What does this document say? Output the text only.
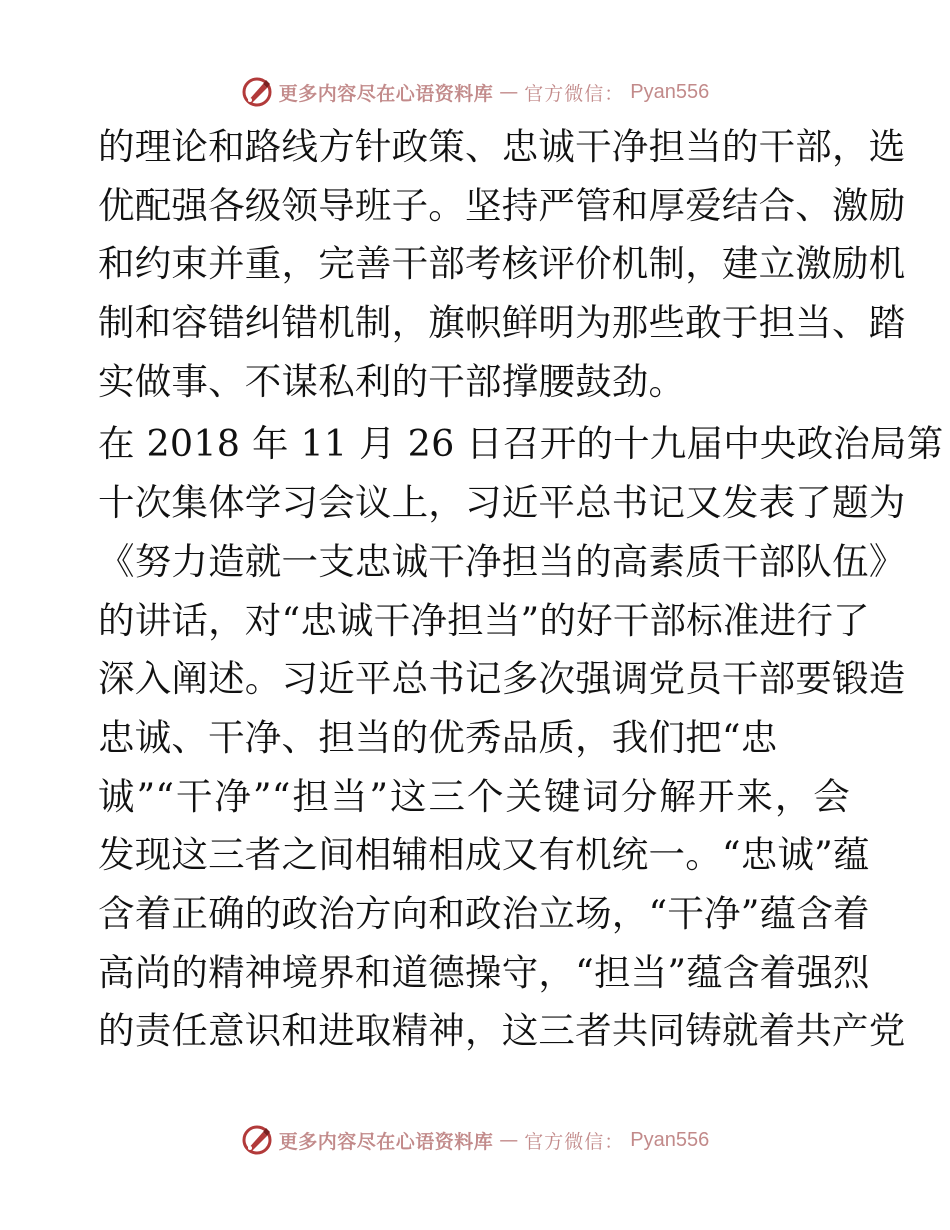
更多内容尽在心语资料库 — 官方微信： Pyan556
的理论和路线方针政策、忠诚干净担当的干部，选
优配强各级领导班子。坚持严管和厚爱结合、激励
和约束并重，完善干部考核评价机制，建立激励机
制和容错纠错机制，旗帜鲜明为那些敢于担当、踏
实做事、不谋私利的干部撑腰鼓劲。
在 2018 年 11 月 26 日召开的十九届中央政治局第
十次集体学习会议上，习近平总书记又发表了题为
《努力造就一支忠诚干净担当的高素质干部队伍》
的讲话，对“忠诚干净担当”的好干部标准进行了
深入阐述。习近平总书记多次强调党员干部要锻造
忠诚、干净、担当的优秀品质，我们把“忠
诚”“干净”“担当”这三个关键词分解开来，会
发现这三者之间相辅相成又有机统一。“忠诚”蕴
含着正确的政治方向和政治立场，“干净”蕴含着
高尚的精神境界和道德操守，“担当”蕴含着强烈
的责任意识和进取精神，这三者共同铸就着共产党
更多内容尽在心语资料库 — 官方微信： Pyan556
